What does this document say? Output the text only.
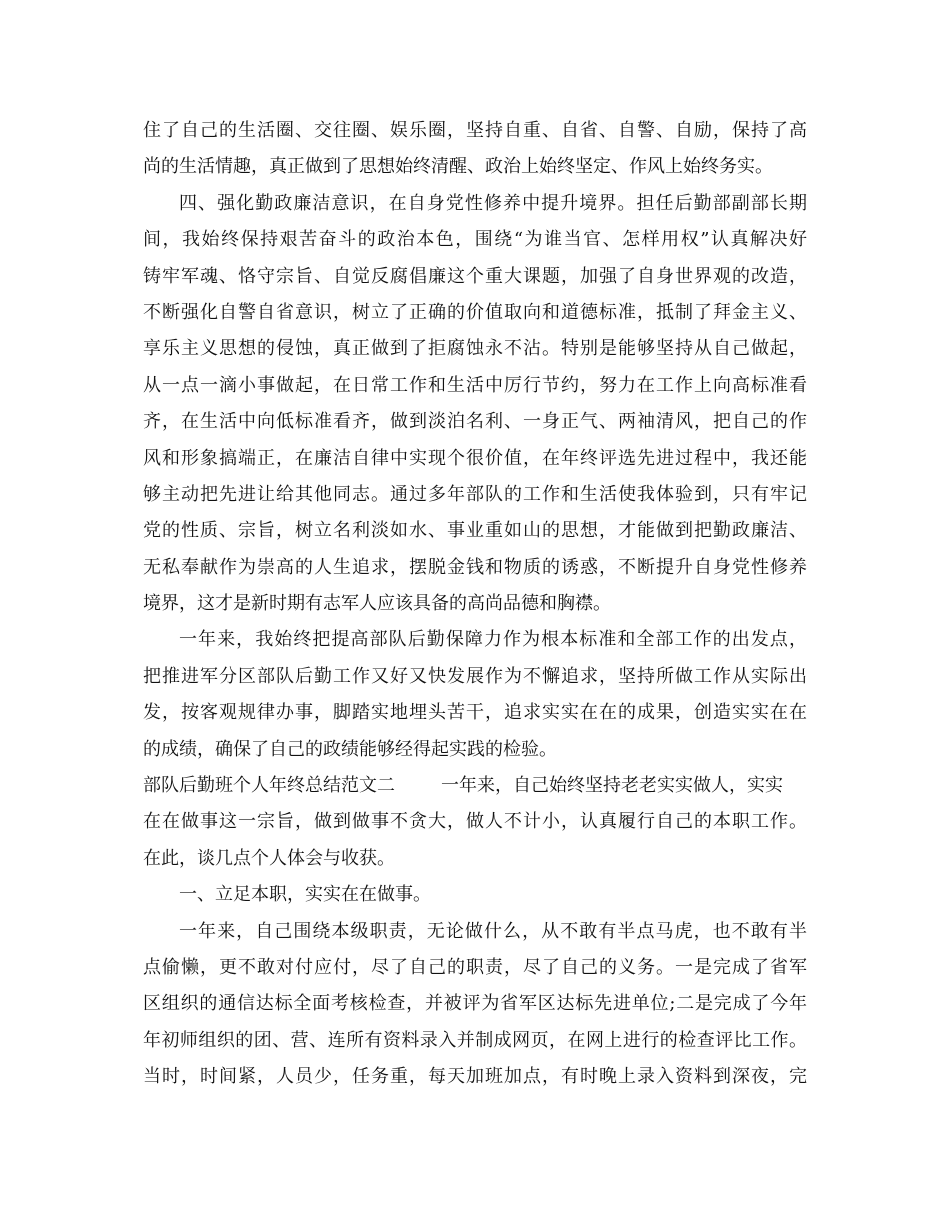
住了自己的生活圈、交往圈、娱乐圈，坚持自重、自省、自警、自励，保持了高
尚的生活情趣，真正做到了思想始终清醒、政治上始终坚定、作风上始终务实。
四、强化勤政廉洁意识，在自身党性修养中提升境界。担任后勤部副部长期
间，我始终保持艰苦奋斗的政治本色，围绕“为谁当官、怎样用权”认真解决好
铸牢军魂、恪守宗旨、自觉反腐倡廉这个重大课题，加强了自身世界观的改造，
不断强化自警自省意识，树立了正确的价值取向和道德标准，抵制了拜金主义、
享乐主义思想的侵蚀，真正做到了拒腐蚀永不沾。特别是能够坚持从自己做起，
从一点一滴小事做起，在日常工作和生活中厉行节约，努力在工作上向高标准看
齐，在生活中向低标准看齐，做到淡泊名利、一身正气、两袖清风，把自己的作
风和形象搞端正，在廉洁自律中实现个很价值，在年终评选先进过程中，我还能
够主动把先进让给其他同志。通过多年部队的工作和生活使我体验到，只有牢记
党的性质、宗旨，树立名利淡如水、事业重如山的思想，才能做到把勤政廉洁、
无私奉献作为崇高的人生追求，摆脱金钱和物质的诱惑，不断提升自身党性修养
境界，这才是新时期有志军人应该具备的高尚品德和胸襟。
一年来，我始终把提高部队后勤保障力作为根本标准和全部工作的出发点，
把推进军分区部队后勤工作又好又快发展作为不懈追求，坚持所做工作从实际出
发，按客观规律办事，脚踏实地埋头苦干，追求实实在在的成果，创造实实在在
的成绩，确保了自己的政绩能够经得起实践的检验。
部队后勤班个人年终总结范文二	一年来，自己始终坚持老老实实做人，实实
在在做事这一宗旨，做到做事不贪大，做人不计小，认真履行自己的本职工作。
在此，谈几点个人体会与收获。
一、立足本职，实实在在做事。
一年来，自己围绕本级职责，无论做什么，从不敢有半点马虎，也不敢有半
点偷懒，更不敢对付应付，尽了自己的职责，尽了自己的义务。一是完成了省军
区组织的通信达标全面考核检查，并被评为省军区达标先进单位;二是完成了今年
年初师组织的团、营、连所有资料录入并制成网页，在网上进行的检查评比工作。
当时，时间紧，人员少，任务重，每天加班加点，有时晚上录入资料到深夜，完
